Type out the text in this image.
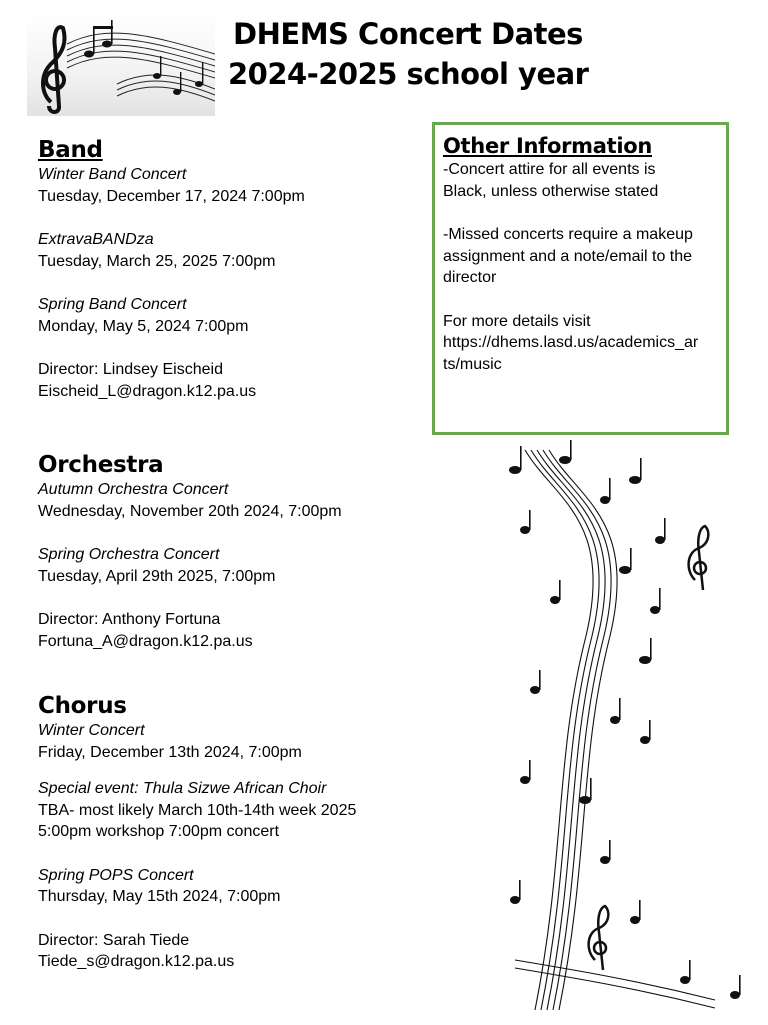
DHEMS Concert Dates
2024-2025 school year
Band
Winter Band Concert
Tuesday, December 17, 2024 7:00pm
ExtravaBANDza
Tuesday, March 25, 2025 7:00pm
Spring Band Concert
Monday, May 5, 2024 7:00pm
Director: Lindsey Eischeid
Eischeid_L@dragon.k12.pa.us
Orchestra
Autumn Orchestra Concert
Wednesday, November 20th 2024, 7:00pm
Spring Orchestra Concert
Tuesday, April 29th 2025, 7:00pm
Director: Anthony Fortuna
Fortuna_A@dragon.k12.pa.us
Chorus
Winter Concert
Friday, December 13th 2024, 7:00pm
Special event: Thula Sizwe African Choir
TBA- most likely March 10th-14th week 2025
5:00pm workshop 7:00pm concert
Spring POPS Concert
Thursday, May 15th 2024, 7:00pm
Director: Sarah Tiede
Tiede_s@dragon.k12.pa.us
Other Information

-Concert attire for all events is
Black, unless otherwise stated

-Missed concerts require a makeup
assignment and a note/email to the
director

For more details visit
https://dhems.lasd.us/academics_ar
ts/music
